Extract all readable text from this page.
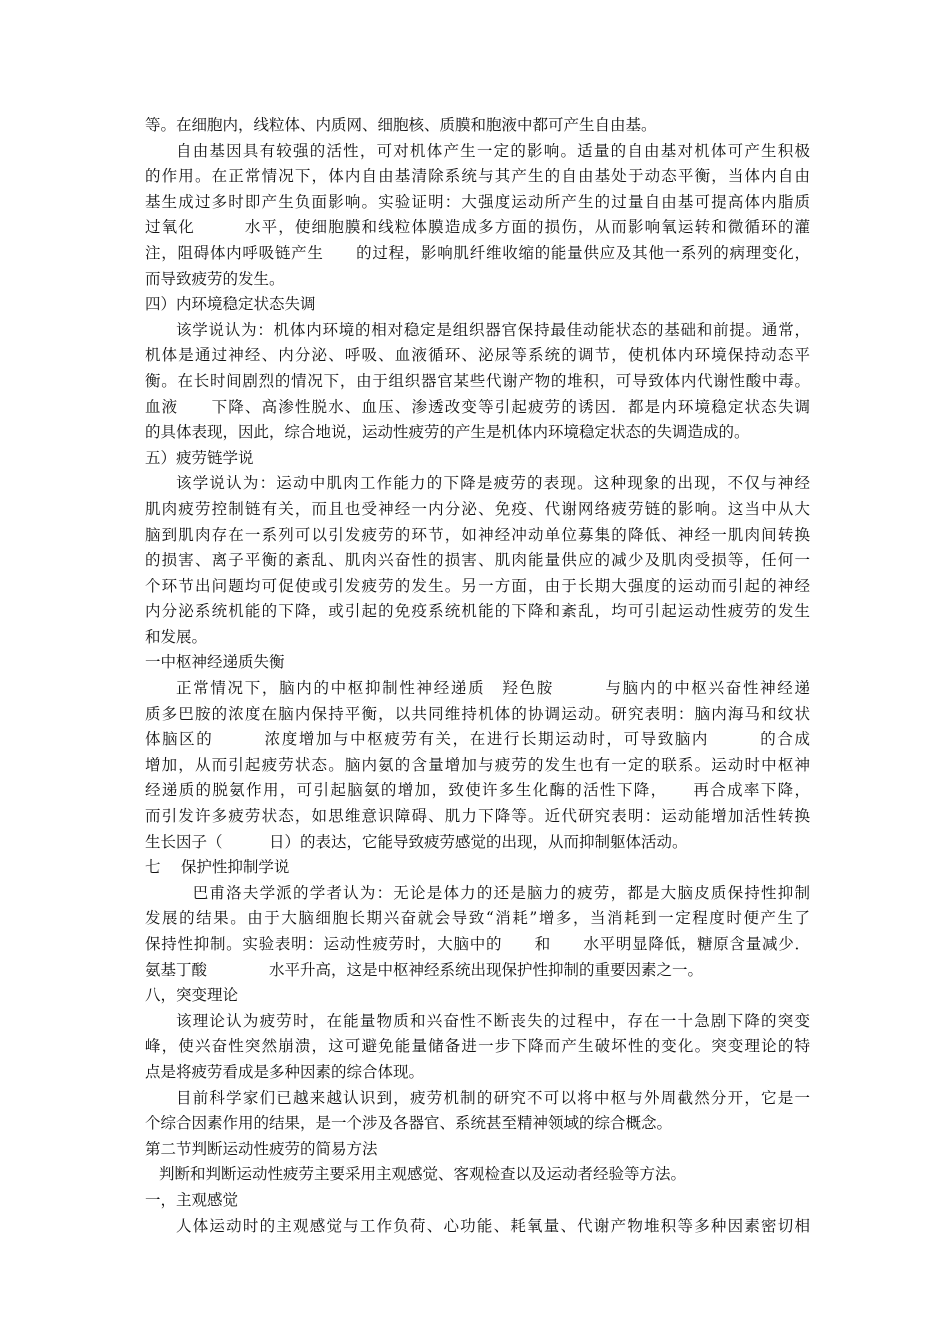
等。在细胞内，线粒体、内质网、细胞核、质膜和胞液中都可产生自由基。
自由基因具有较强的活性，可对机体产生一定的影响。适量的自由基对机体可产生积极
的作用。在正常情况下，体内自由基清除系统与其产生的自由基处于动态平衡，当体内自由
基生成过多时即产生负面影响。实验证明：大强度运动所产生的过量自由基可提高体内脂质
过氧化　　　水平，使细胞膜和线粒体膜造成多方面的损伤，从而影响氧运转和微循环的灌
注，阻碍体内呼吸链产生　　的过程，影响肌纤维收缩的能量供应及其他一系列的病理变化，
而导致疲劳的发生。
四）内环境稳定状态失调
该学说认为：机体内环境的相对稳定是组织器官保持最佳动能状态的基础和前提。通常，
机体是通过神经、内分泌、呼吸、血液循环、泌尿等系统的调节，使机体内环境保持动态平
衡。在长时间剧烈的情况下，由于组织器官某些代谢产物的堆积，可导致体内代谢性酸中毒。
血液　　下降、高渗性脱水、血压、渗透改变等引起疲劳的诱因．都是内环境稳定状态失调
的具体表现，因此，综合地说，运动性疲劳的产生是机体内环境稳定状态的失调造成的。
五）疲劳链学说
该学说认为：运动中肌肉工作能力的下降是疲劳的表现。这种现象的出现，不仅与神经
肌肉疲劳控制链有关，而且也受神经一内分泌、免疫、代谢网络疲劳链的影响。这当中从大
脑到肌肉存在一系列可以引发疲劳的环节，如神经冲动单位募集的降低、神经一肌肉间转换
的损害、离子平衡的紊乱、肌肉兴奋性的损害、肌肉能量供应的减少及肌肉受损等，任何一
个环节出问题均可促使或引发疲劳的发生。另一方面，由于长期大强度的运动而引起的神经
内分泌系统机能的下降，或引起的免疫系统机能的下降和紊乱，均可引起运动性疲劳的发生
和发展。
一中枢神经递质失衡
正常情况下，脑内的中枢抑制性神经递质　羟色胺　　　与脑内的中枢兴奋性神经递
质多巴胺的浓度在脑内保持平衡，以共同维持机体的协调运动。研究表明：脑内海马和纹状
体脑区的　　　浓度增加与中枢疲劳有关，在进行长期运动时，可导致脑内　　　的合成
增加，从而引起疲劳状态。脑内氨的含量增加与疲劳的发生也有一定的联系。运动时中枢神
经递质的脱氨作用，可引起脑氨的增加，致使许多生化酶的活性下降，　　再合成率下降，
而引发许多疲劳状态，如思维意识障碍、肌力下降等。近代研究表明：运动能增加活性转换
生长因子（　　　日）的表达，它能导致疲劳感觉的出现，从而抑制躯体活动。
七　 保护性抑制学说
　巴甫洛夫学派的学者认为：无论是体力的还是脑力的疲劳，都是大脑皮质保持性抑制
发展的结果。由于大脑细胞长期兴奋就会导致“消耗”增多，当消耗到一定程度时便产生了
保持性抑制。实验表明：运动性疲劳时，大脑中的　　和　　水平明显降低，糖原含量减少．
氨基丁酸　　　　水平升高，这是中枢神经系统出现保护性抑制的重要因素之一。
八，突变理论
该理论认为疲劳时，在能量物质和兴奋性不断丧失的过程中，存在一十急剧下降的突变
峰，使兴奋性突然崩溃，这可避免能量储备进一步下降而产生破坏性的变化。突变理论的特
点是将疲劳看成是多种因素的综合体现。
目前科学家们已越来越认识到，疲劳机制的研究不可以将中枢与外周截然分开，它是一
个综合因素作用的结果，是一个涉及各器官、系统甚至精神领域的综合概念。
第二节判断运动性疲劳的简易方法
判断和判断运动性疲劳主要采用主观感觉、客观检查以及运动者经验等方法。
一，主观感觉
人体运动时的主观感觉与工作负荷、心功能、耗氧量、代谢产物堆积等多种因素密切相
